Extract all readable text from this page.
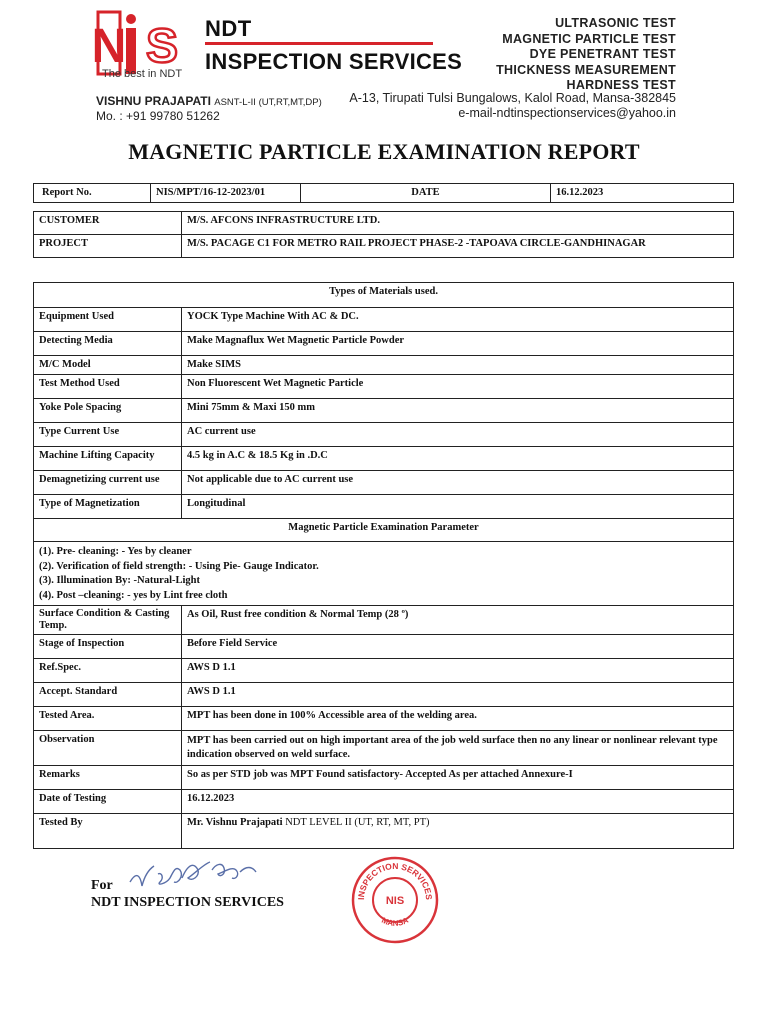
N S
The best in NDT
NDT
INSPECTION SERVICES
ULTRASONIC TEST
MAGNETIC PARTICLE TEST
DYE PENETRANT TEST
THICKNESS MEASUREMENT
HARDNESS TEST
VISHNU PRAJAPATI ASNT-L-II (UT,RT,MT,DP)
Mo. : +91 99780 51262
A-13, Tirupati Tulsi Bungalows, Kalol Road, Mansa-382845
e-mail-ndtinspectionservices@yahoo.in
MAGNETIC PARTICLE EXAMINATION REPORT
Report No.	NIS/MPT/16-12-2023/01	DATE	16.12.2023
CUSTOMER	M/S. AFCONS INFRASTRUCTURE LTD.
PROJECT	M/S. PACAGE C1 FOR METRO RAIL PROJECT PHASE-2 -TAPOAVA CIRCLE-GANDHINAGAR
Types of Materials used.	
Equipment Used	YOCK Type Machine With AC & DC.
Detecting Media	Make Magnaflux Wet Magnetic Particle Powder
M/C Model	Make SIMS
Test Method Used	Non Fluorescent Wet Magnetic Particle
Yoke Pole Spacing	Mini 75mm & Maxi 150 mm
Type Current Use	AC current use
Machine Lifting Capacity	4.5 kg in A.C & 18.5 Kg in .D.C
Demagnetizing current use	Not applicable due to AC current use
Type of Magnetization	Longitudinal
Magnetic Particle Examination Parameter	

(1). Pre- cleaning: - Yes by cleaner
(2). Verification of field strength: - Using Pie- Gauge Indicator.
(3). Illumination By: -Natural-Light
(4). Post –cleaning: - yes by Lint free cloth	

Surface Condition & Casting Temp.	As Oil, Rust free condition & Normal Temp (28 º)
Stage of Inspection	Before Field Service
Ref.Spec.	AWS D 1.1
Accept. Standard	AWS D 1.1
Tested Area.	MPT has been done in 100% Accessible area of the welding area.
Observation	MPT has been carried out on high important area of the job weld surface then no any linear or nonlinear relevant type indication observed on weld surface.
Remarks	So as per STD job was MPT Found satisfactory- Accepted As per attached Annexure-I
Date of Testing	16.12.2023
Tested By	Mr. Vishnu Prajapati NDT LEVEL II (UT, RT, MT, PT)
For
NDT INSPECTION SERVICES	INSPECTION SERVICES
MANSA
NIS
